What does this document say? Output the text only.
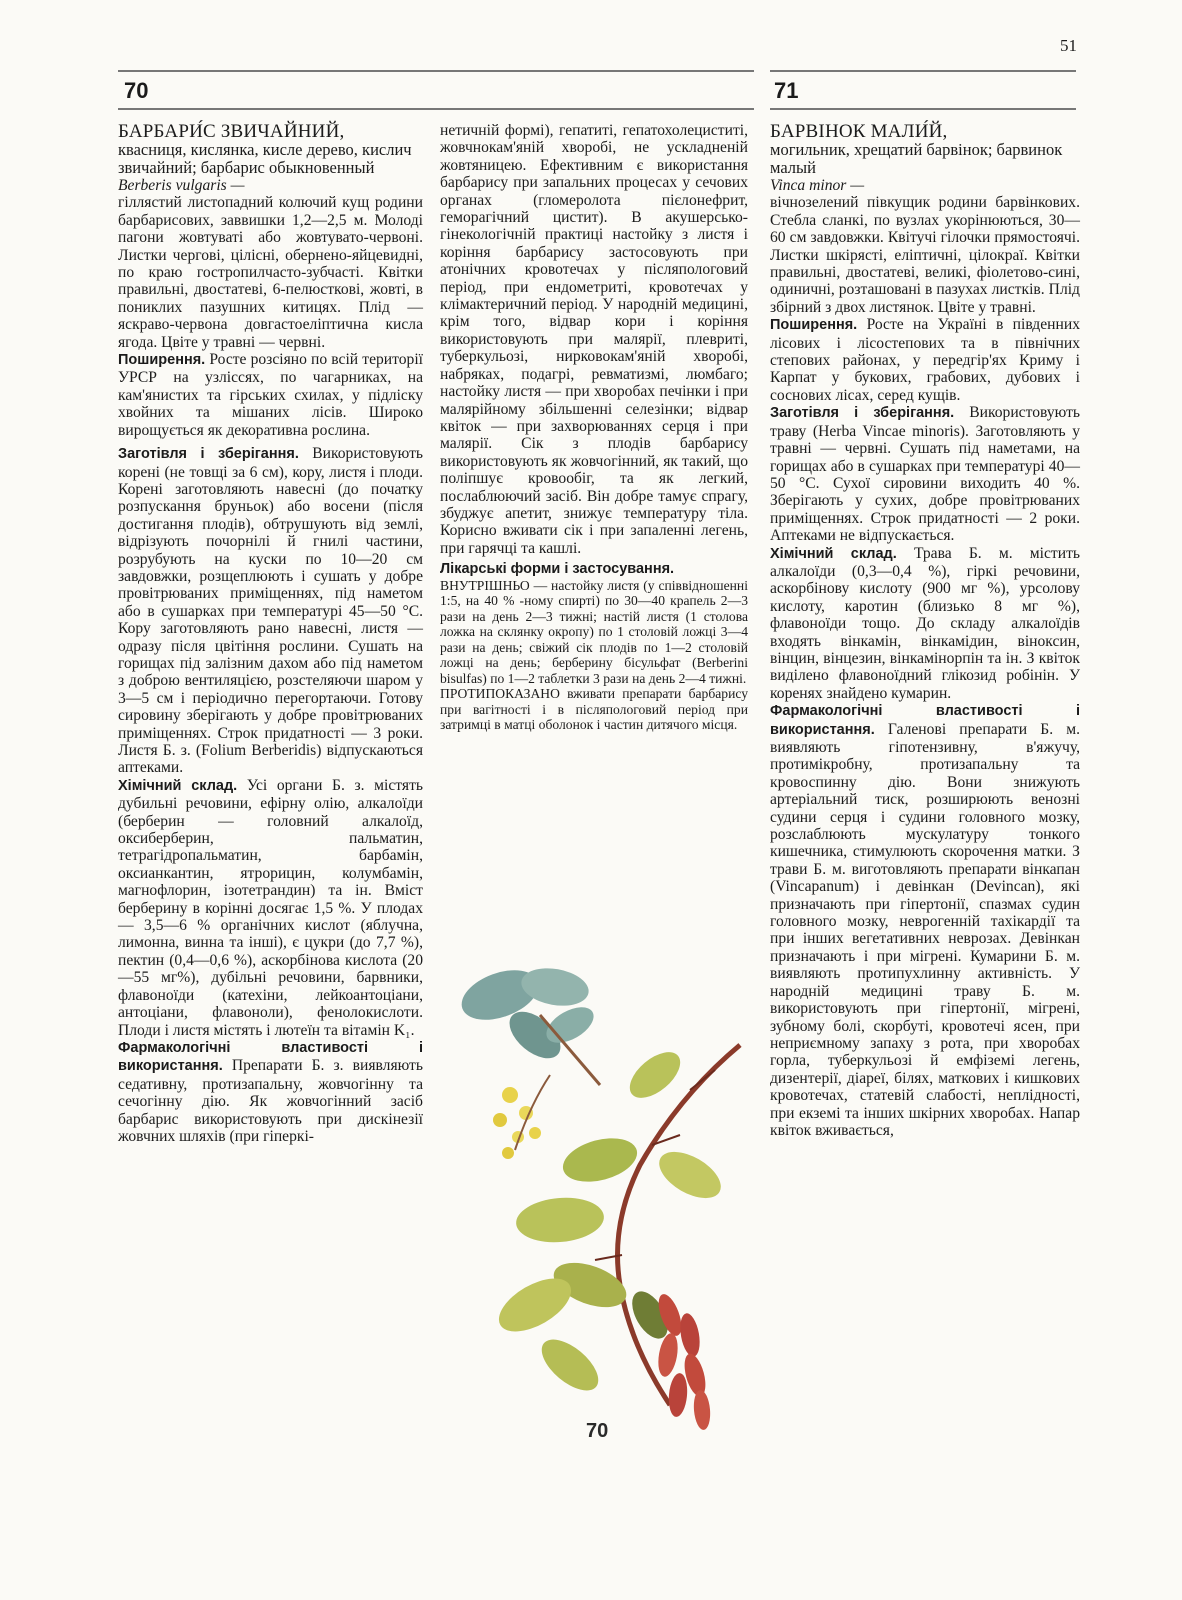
51
70	71

БАРБАРИ́С ЗВИЧАЙНИЙ,

квасниця, кислянка, кисле дерево, кислич звичайний; барбарис обыкновенный

Berberis vulgaris —

гіллястий листопадний колючий кущ родини барбарисових, заввишки 1,2—2,5 м. Молоді пагони жовтуваті або жовтувато-червоні. Листки чергові, цілісні, обернено-яйцевидні, по краю гостропилчасто-зубчасті. Квітки правильні, двостатеві, 6-пелюсткові, жовті, в пониклих пазушних китицях. Плід — яскраво-червона довгастоеліптична кисла ягода. Цвіте у травні — червні.

Поширення. Росте розсіяно по всій території УРСР на узліссях, по чагарниках, на кам'янистих та гірських схилах, у підліску хвойних та мішаних лісів. Широко вирощується як декоративна рослина.

Заготівля і зберігання. Використовують корені (не товщі за 6 см), кору, листя і плоди. Корені заготовляють навесні (до початку розпускання бруньок) або восени (після достигання плодів), обтрушують від землі, відрізують почорнілі й гнилі частини, розрубують на куски по 10—20 см завдовжки, розщеплюють і сушать у добре провітрюваних приміщеннях, під наметом або в сушарках при температурі 45—50 °С. Кору заготовляють рано навесні, листя — одразу після цвітіння рослини. Сушать на горищах під залізним дахом або під наметом з доброю вентиляцією, розстеляючи шаром у 3—5 см і періодично перегортаючи. Готову сировину зберігають у добре провітрюваних приміщеннях. Строк придатності — 3 роки. Листя Б. з. (Folium Berberidis) відпускаються аптеками.

Хімічний склад. Усі органи Б. з. містять дубильні речовини, ефірну олію, алкалоїди (берберин — головний алкалоїд, оксиберберин, пальматин, тетрагідропальматин, барбамін, оксианкантин, ятрорицин, колумбамін, магнофлорин, ізотетрандин) та ін. Вміст берберину в корінні досягає 1,5 %. У плодах — 3,5—6 % органічних кислот (яблучна, лимонна, винна та інші), є цукри (до 7,7 %), пектин (0,4—0,6 %), аскорбінова кислота (20—55 мг%), дубільні речовини, барвники, флавоноїди (катехіни, лейкоантоціани, антоціани, флавоноли), фенолокислоти. Плоди і листя містять і лютеїн та вітамін K₁.

Фармакологічні властивості і використання. Препарати Б. з. виявляють седативну, протизапальну, жовчогінну та сечогінну дію. Як жовчогінний засіб барбарис використовують при дискінезії жовчних шляхів (при гіперкі-

нетичній формі), гепатиті, гепатохолециститі, жовчнокам'яній хворобі, не ускладненій жовтяницею. Ефективним є використання барбарису при запальних процесах у сечових органах (гломеролота пієлонефрит, геморагічний цистит). В акушерсько-гінекологічній практиці настойку з листя і коріння барбарису застосовують при атонічних кровотечах у післяпологовий період, при ендометриті, кровотечах у клімактеричний період. У народній медицині, крім того, відвар кори і коріння використовують при малярії, плевриті, туберкульозі, нирковокам'яній хворобі, набряках, подагрі, ревматизмі, люмбаго; настойку листя — при хворобах печінки і при малярійному збільшенні селезінки; відвар квіток — при захворюваннях серця і при малярії. Сік з плодів барбарису використовують як жовчогінний, як такий, що поліпшує кровообіг, та як легкий, послаблюючий засіб. Він добре тамує спрагу, збуджує апетит, знижує температуру тіла. Корисно вживати сік і при запаленні легень, при гарячці та кашлі.

Лікарські форми і застосування.
ВНУТРІШНЬО — настойку листя (у співвідношенні 1:5, на 40 % -ному спирті) по 30—40 крапель 2—3 рази на день 2—3 тижні; настій листя (1 столова ложка на склянку окропу) по 1 столовій ложці 3—4 рази на день; свіжий сік плодів по 1—2 столовій ложці на день; берберину бісульфат (Berberini bisulfas) по 1—2 таблетки 3 рази на день 2—4 тижні.

ПРОТИПОКАЗАНО вживати препарати барбарису при вагітності і в післяпологовий період при затримці в матці оболонок і частин дитячого місця.

70

БАРВІНОК МАЛИ́Й,

могильник, хрещатий барвінок; барвинок малый

Vinca minor —

вічнозелений півкущик родини барвінкових. Стебла сланкі, по вузлах укорінюються, 30—60 см завдовжки. Квітучі гілочки прямостоячі. Листки шкірясті, еліптичні, цілокраї. Квітки правильні, двостатеві, великі, фіолетово-сині, одиничні, розташовані в пазухах листків. Плід збірний з двох листянок. Цвіте у травні.

Поширення. Росте на Україні в південних лісових і лісостепових та в північних степових районах, у передгір'ях Криму і Карпат у букових, грабових, дубових і соснових лісах, серед кущів.

Заготівля і зберігання. Використовують траву (Herba Vincae minoris). Заготовляють у травні — червні. Сушать під наметами, на горищах або в сушарках при температурі 40—50 °С. Сухої сировини виходить 40 %. Зберігають у сухих, добре провітрюваних приміщеннях. Строк придатності — 2 роки. Аптеками не відпускається.

Хімічний склад. Трава Б. м. містить алкалоїди (0,3—0,4 %), гіркі речовини, аскорбінову кислоту (900 мг %), урсолову кислоту, каротин (близько 8 мг %), флавоноїди тощо. До складу алкалоїдів входять вінкамін, вінкамідин, віноксин, вінцин, вінцезин, вінкамінорпін та ін. З квіток виділено флавоноїдний глікозид робінін. У коренях знайдено кумарин.

Фармакологічні властивості і використання. Галенові препарати Б. м. виявляють гіпотензивну, в'яжучу, протимікробну, протизапальну та кровоспинну дію. Вони знижують артеріальний тиск, розширюють венозні судини серця і судини головного мозку, розслаблюють мускулатуру тонкого кишечника, стимулюють скорочення матки. З трави Б. м. виготовляють препарати вінкапан (Vincapanum) і девінкан (Devincan), які призначають при гіпертонії, спазмах судин головного мозку, неврогенній тахікардії та при інших вегетативних неврозах. Девінкан призначають і при мігрені. Кумарини Б. м. виявляють протипухлинну активність. У народній медицині траву Б. м. використовують при гіпертонії, мігрені, зубному болі, скорбуті, кровотечі ясен, при неприємному запаху з рота, при хворобах горла, туберкульозі й емфіземі легень, дизентерії, діареї, білях, маткових і кишкових кровотечах, статевій слабості, неплідності, при екземі та інших шкірних хворобах. Напар квіток вживається,
